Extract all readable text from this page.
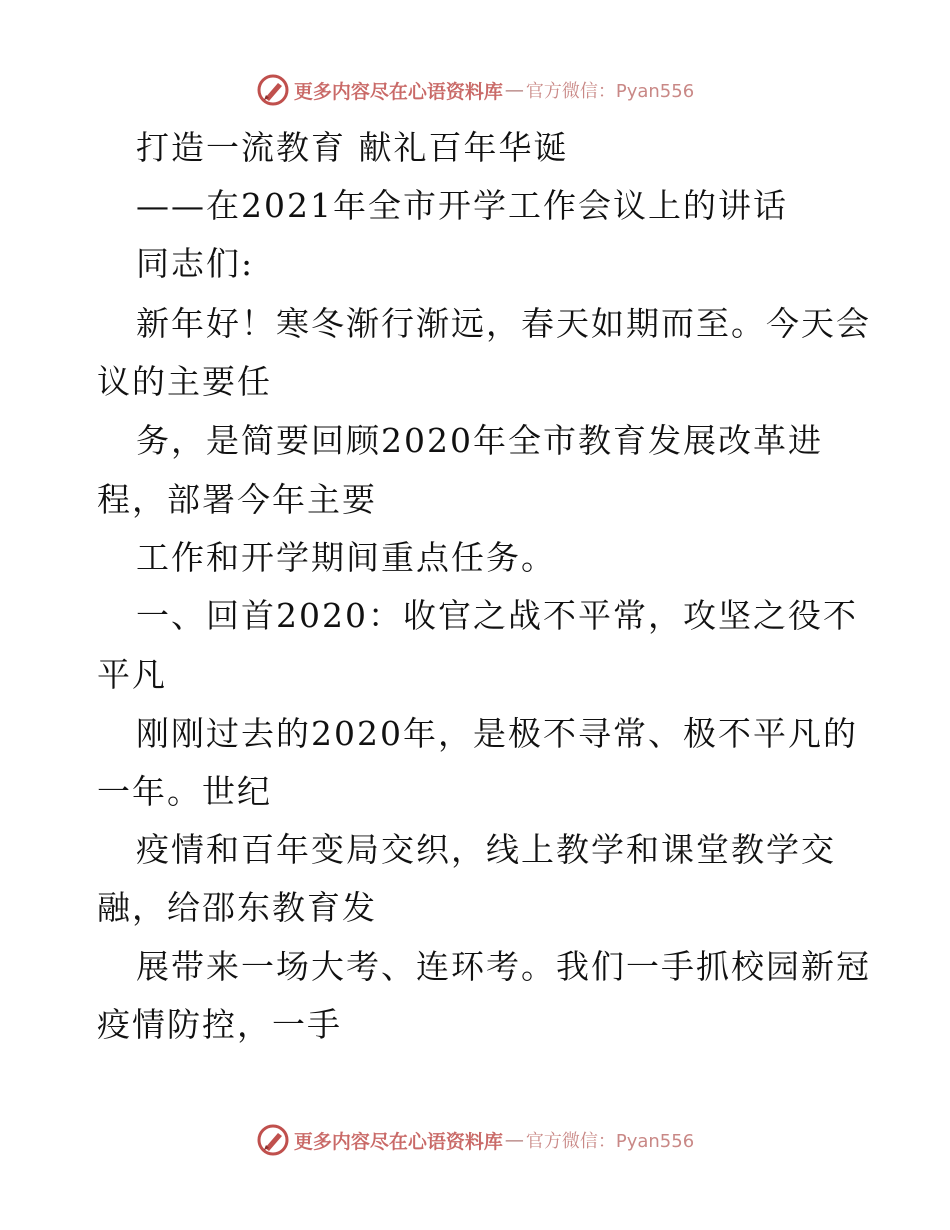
更多内容尽在心语资料库 — 官方微信：Pyan556
打造一流教育 献礼百年华诞
——在2021年全市开学工作会议上的讲话
同志们:
新年好！寒冬渐行渐远，春天如期而至。今天会
议的主要任
务，是简要回顾2020年全市教育发展改革进
程，部署今年主要
工作和开学期间重点任务。
一、回首2020：收官之战不平常，攻坚之役不
平凡
刚刚过去的2020年，是极不寻常、极不平凡的
一年。世纪
疫情和百年变局交织，线上教学和课堂教学交
融，给邵东教育发
展带来一场大考、连环考。我们一手抓校园新冠
疫情防控，一手
更多内容尽在心语资料库 — 官方微信：Pyan556
